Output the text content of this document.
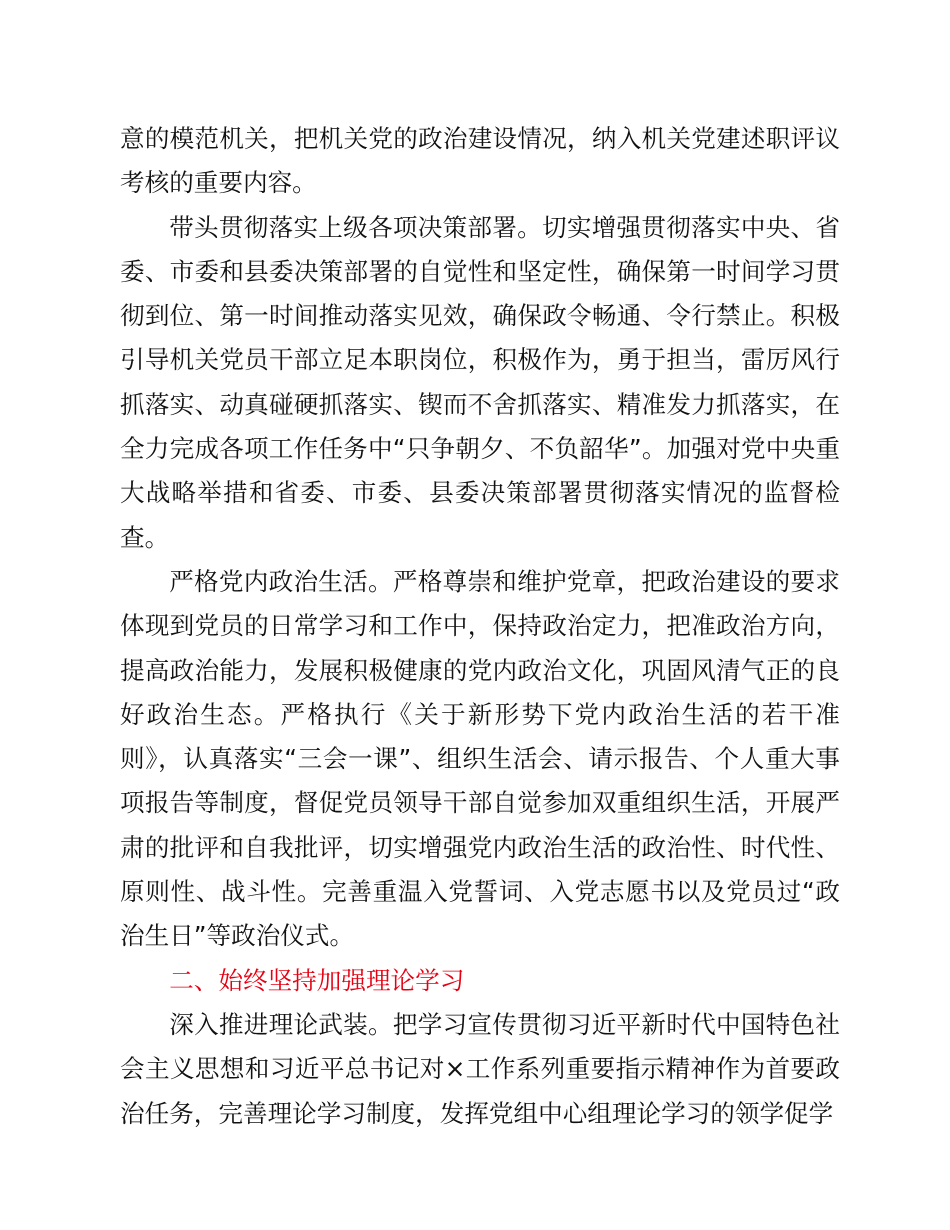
意的模范机关，把机关党的政治建设情况，纳入机关党建述职评议考核的重要内容。

带头贯彻落实上级各项决策部署。切实增强贯彻落实中央、省委、市委和县委决策部署的自觉性和坚定性，确保第一时间学习贯彻到位、第一时间推动落实见效，确保政令畅通、令行禁止。积极引导机关党员干部立足本职岗位，积极作为，勇于担当，雷厉风行抓落实、动真碰硬抓落实、锲而不舍抓落实、精准发力抓落实，在全力完成各项工作任务中“只争朝夕、不负韶华”。加强对党中央重大战略举措和省委、市委、县委决策部署贯彻落实情况的监督检查。

严格党内政治生活。严格尊崇和维护党章，把政治建设的要求体现到党员的日常学习和工作中，保持政治定力，把准政治方向，提高政治能力，发展积极健康的党内政治文化，巩固风清气正的良好政治生态。严格执行《关于新形势下党内政治生活的若干准则》，认真落实“三会一课”、组织生活会、请示报告、个人重大事项报告等制度，督促党员领导干部自觉参加双重组织生活，开展严肃的批评和自我批评，切实增强党内政治生活的政治性、时代性、原则性、战斗性。完善重温入党誓词、入党志愿书以及党员过“政治生日”等政治仪式。

二、始终坚持加强理论学习

深入推进理论武装。把学习宣传贯彻习近平新时代中国特色社会主义思想和习近平总书记对×工作系列重要指示精神作为首要政治任务，完善理论学习制度，发挥党组中心组理论学习的领学促学
